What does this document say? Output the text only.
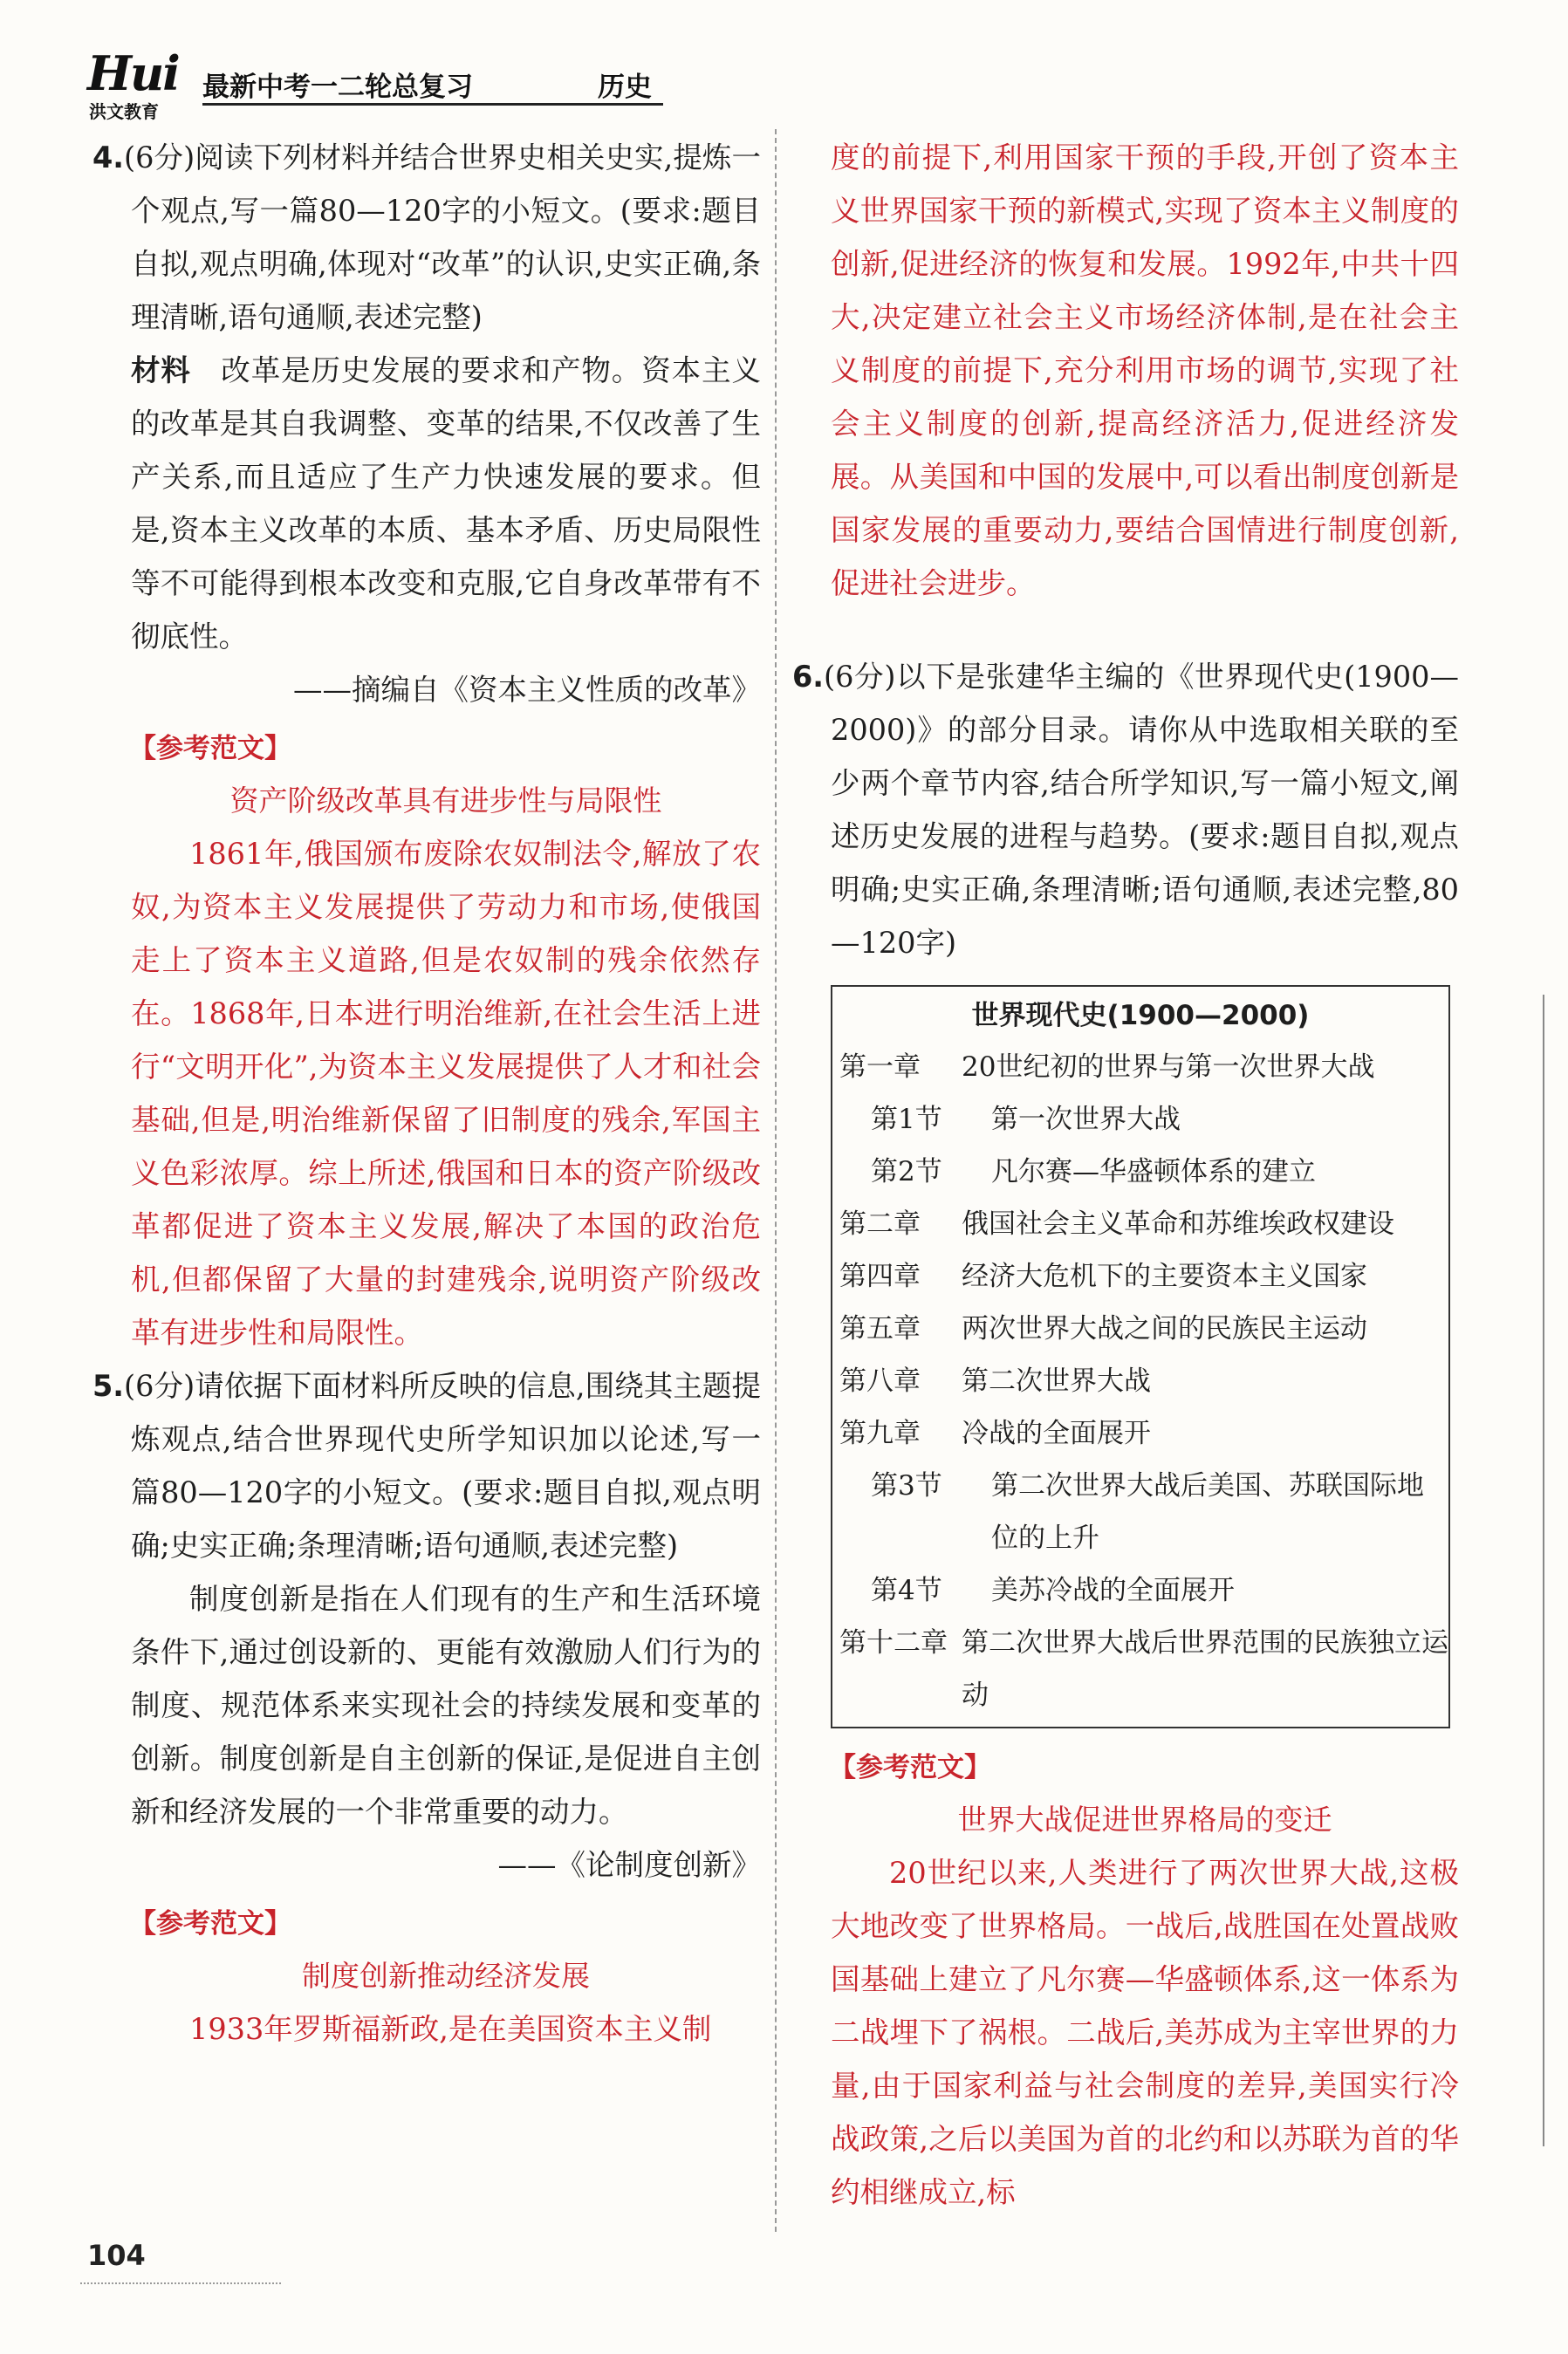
Hui
洪文教育
最新中考一二轮总复习	历史

4.(6分)阅读下列材料并结合世界史相关史实,提炼一个观点,写一篇80—120字的小短文。(要求:题目自拟,观点明确,体现对“改革”的认识,史实正确,条理清晰,语句通顺,表述完整)

材料  改革是历史发展的要求和产物。资本主义的改革是其自我调整、变革的结果,不仅改善了生产关系,而且适应了生产力快速发展的要求。但是,资本主义改革的本质、基本矛盾、历史局限性等不可能得到根本改变和克服,它自身改革带有不彻底性。

——摘编自《资本主义性质的改革》

【参考范文】

资产阶级改革具有进步性与局限性

1861年,俄国颁布废除农奴制法令,解放了农奴,为资本主义发展提供了劳动力和市场,使俄国走上了资本主义道路,但是农奴制的残余依然存在。1868年,日本进行明治维新,在社会生活上进行“文明开化”,为资本主义发展提供了人才和社会基础,但是,明治维新保留了旧制度的残余,军国主义色彩浓厚。综上所述,俄国和日本的资产阶级改革都促进了资本主义发展,解决了本国的政治危机,但都保留了大量的封建残余,说明资产阶级改革有进步性和局限性。

5.(6分)请依据下面材料所反映的信息,围绕其主题提炼观点,结合世界现代史所学知识加以论述,写一篇80—120字的小短文。(要求:题目自拟,观点明确;史实正确;条理清晰;语句通顺,表述完整)

制度创新是指在人们现有的生产和生活环境条件下,通过创设新的、更能有效激励人们行为的制度、规范体系来实现社会的持续发展和变革的创新。制度创新是自主创新的保证,是促进自主创新和经济发展的一个非常重要的动力。

——《论制度创新》

【参考范文】

制度创新推动经济发展

1933年罗斯福新政,是在美国资本主义制

度的前提下,利用国家干预的手段,开创了资本主义世界国家干预的新模式,实现了资本主义制度的创新,促进经济的恢复和发展。1992年,中共十四大,决定建立社会主义市场经济体制,是在社会主义制度的前提下,充分利用市场的调节,实现了社会主义制度的创新,提高经济活力,促进经济发展。从美国和中国的发展中,可以看出制度创新是国家发展的重要动力,要结合国情进行制度创新,促进社会进步。

6.(6分)以下是张建华主编的《世界现代史(1900—2000)》的部分目录。请你从中选取相关联的至少两个章节内容,结合所学知识,写一篇小短文,阐述历史发展的进程与趋势。(要求:题目自拟,观点明确;史实正确,条理清晰;语句通顺,表述完整,80—120字)

世界现代史(1900—2000)
第一章	20世纪初的世界与第一次世界大战
第1节	第一次世界大战
第2节	凡尔赛—华盛顿体系的建立
第二章	俄国社会主义革命和苏维埃政权建设
第四章	经济大危机下的主要资本主义国家
第五章	两次世界大战之间的民族民主运动
第八章	第二次世界大战
第九章	冷战的全面展开
第3节	第二次世界大战后美国、苏联国际地位的上升
第4节	美苏冷战的全面展开
第十二章 第二次世界大战后世界范围的民族独立运动
【参考范文】

世界大战促进世界格局的变迁

20世纪以来,人类进行了两次世界大战,这极大地改变了世界格局。一战后,战胜国在处置战败国基础上建立了凡尔赛—华盛顿体系,这一体系为二战埋下了祸根。二战后,美苏成为主宰世界的力量,由于国家利益与社会制度的差异,美国实行冷战政策,之后以美国为首的北约和以苏联为首的华约相继成立,标

104
